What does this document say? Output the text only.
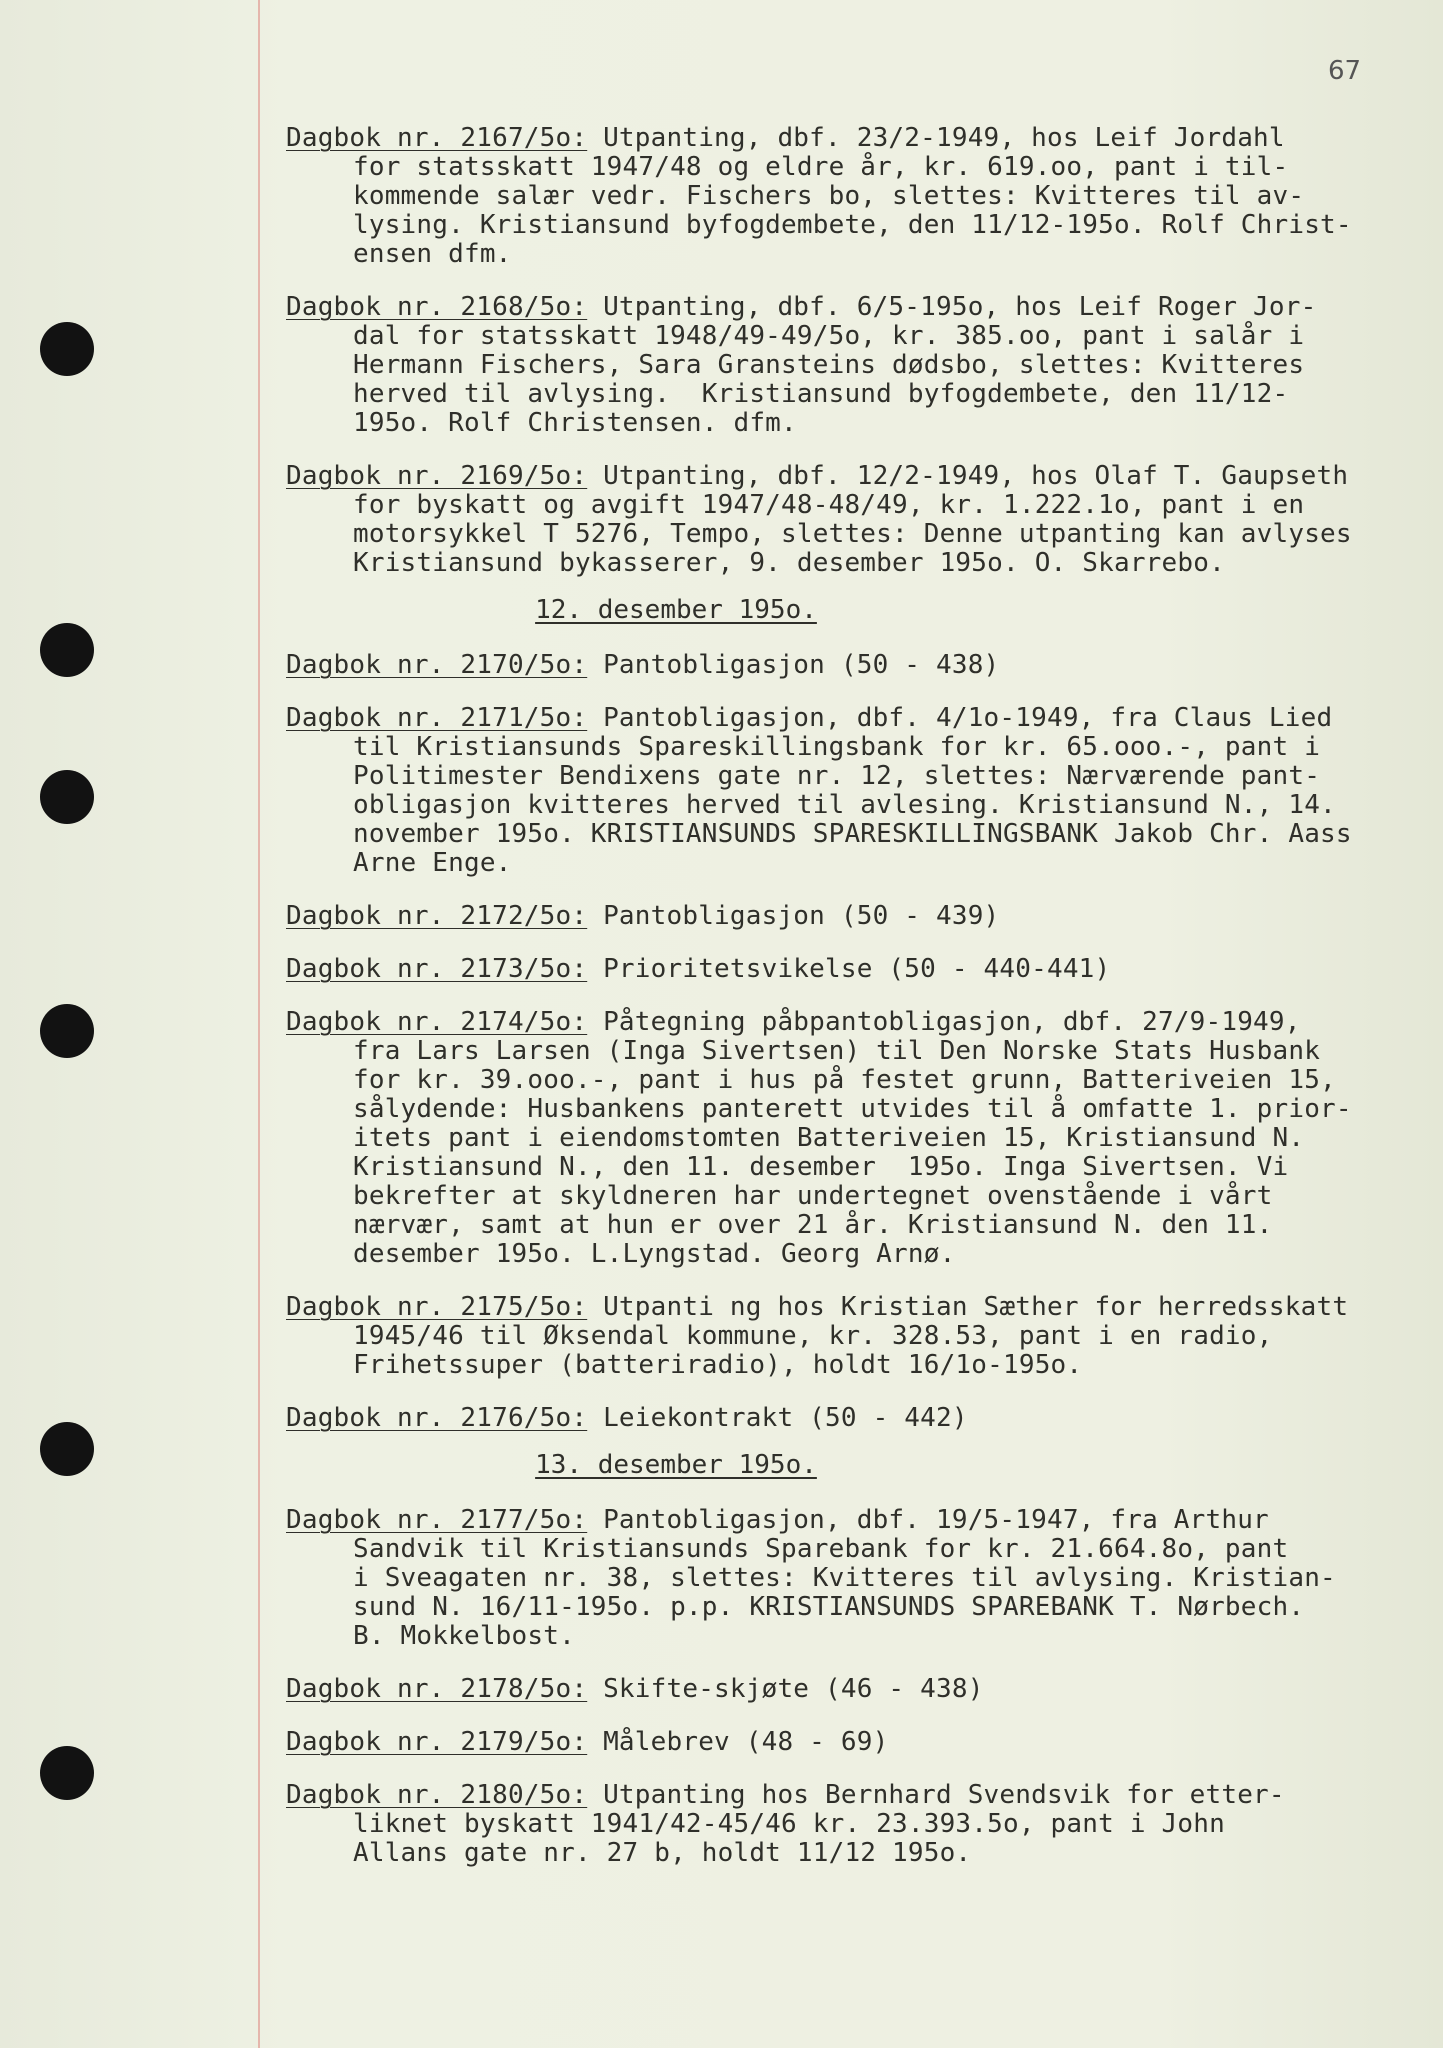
67
Dagbok nr. 2167/5o: Utpanting, dbf. 23/2-1949, hos Leif Jordahl
for statsskatt 1947/48 og eldre år, kr. 619.oo, pant i til-
kommende salær vedr. Fischers bo, slettes: Kvitteres til av-
lysing. Kristiansund byfogdembete, den 11/12-195o. Rolf Christ-
ensen dfm.
Dagbok nr. 2168/5o: Utpanting, dbf. 6/5-195o, hos Leif Roger Jor-
dal for statsskatt 1948/49-49/5o, kr. 385.oo, pant i salår i
Hermann Fischers, Sara Gransteins dødsbo, slettes: Kvitteres
herved til avlysing.  Kristiansund byfogdembete, den 11/12-
195o. Rolf Christensen. dfm.
Dagbok nr. 2169/5o: Utpanting, dbf. 12/2-1949, hos Olaf T. Gaupseth
for byskatt og avgift 1947/48-48/49, kr. 1.222.1o, pant i en
motorsykkel T 5276, Tempo, slettes: Denne utpanting kan avlyses
Kristiansund bykasserer, 9. desember 195o. O. Skarrebo.
12. desember 195o.
Dagbok nr. 2170/5o: Pantobligasjon (50 - 438)
Dagbok nr. 2171/5o: Pantobligasjon, dbf. 4/1o-1949, fra Claus Lied
til Kristiansunds Spareskillingsbank for kr. 65.ooo.-, pant i
Politimester Bendixens gate nr. 12, slettes: Nærværende pant-
obligasjon kvitteres herved til avlesing. Kristiansund N., 14.
november 195o. KRISTIANSUNDS SPARESKILLINGSBANK Jakob Chr. Aass
Arne Enge.
Dagbok nr. 2172/5o: Pantobligasjon (50 - 439)
Dagbok nr. 2173/5o: Prioritetsvikelse (50 - 440-441)
Dagbok nr. 2174/5o: Påtegning påbpantobligasjon, dbf. 27/9-1949,
fra Lars Larsen (Inga Sivertsen) til Den Norske Stats Husbank
for kr. 39.ooo.-, pant i hus på festet grunn, Batteriveien 15,
sålydende: Husbankens panterett utvides til å omfatte 1. prior-
itets pant i eiendomstomten Batteriveien 15, Kristiansund N.
Kristiansund N., den 11. desember  195o. Inga Sivertsen. Vi
bekrefter at skyldneren har undertegnet ovenstående i vårt
nærvær, samt at hun er over 21 år. Kristiansund N. den 11.
desember 195o. L.Lyngstad. Georg Arnø.
Dagbok nr. 2175/5o: Utpanti ng hos Kristian Sæther for herredsskatt
1945/46 til Øksendal kommune, kr. 328.53, pant i en radio,
Frihetssuper (batteriradio), holdt 16/1o-195o.
Dagbok nr. 2176/5o: Leiekontrakt (50 - 442)
13. desember 195o.
Dagbok nr. 2177/5o: Pantobligasjon, dbf. 19/5-1947, fra Arthur
Sandvik til Kristiansunds Sparebank for kr. 21.664.8o, pant
i Sveagaten nr. 38, slettes: Kvitteres til avlysing. Kristian-
sund N. 16/11-195o. p.p. KRISTIANSUNDS SPAREBANK T. Nørbech.
B. Mokkelbost.
Dagbok nr. 2178/5o: Skifte-skjøte (46 - 438)
Dagbok nr. 2179/5o: Målebrev (48 - 69)
Dagbok nr. 2180/5o: Utpanting hos Bernhard Svendsvik for etter-
liknet byskatt 1941/42-45/46 kr. 23.393.5o, pant i John
Allans gate nr. 27 b, holdt 11/12 195o.
